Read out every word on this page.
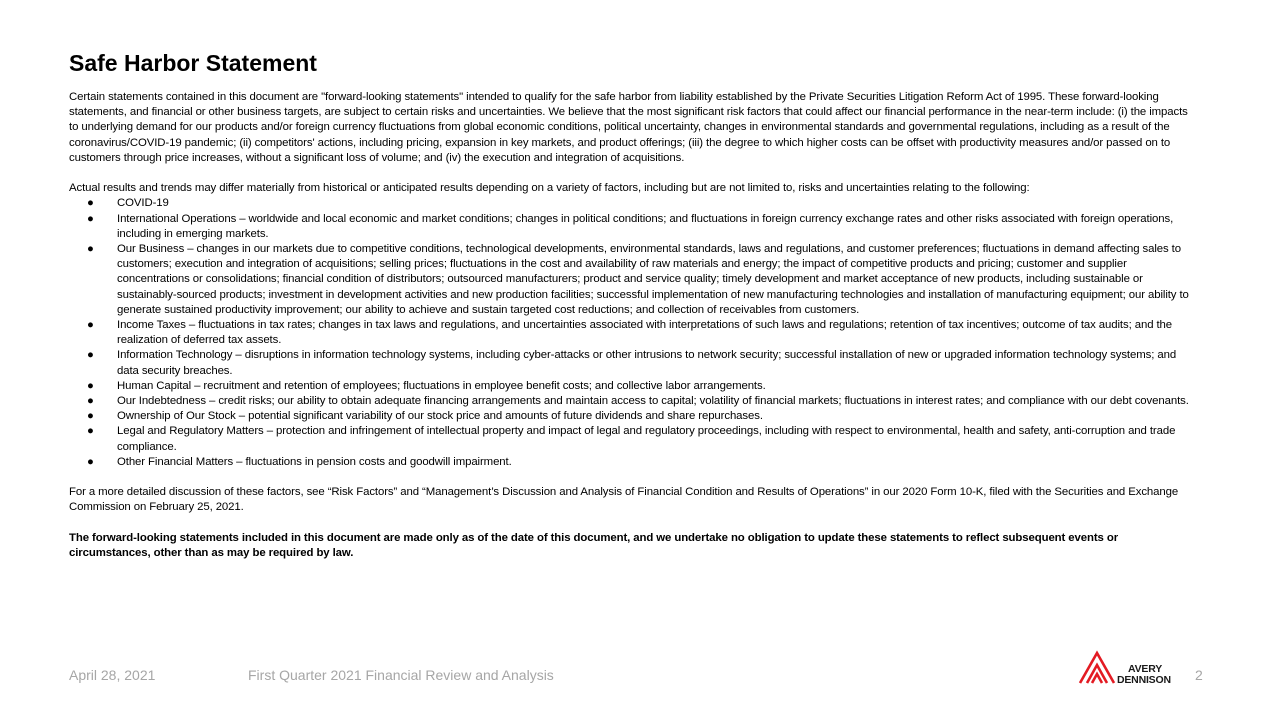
Safe Harbor Statement

Certain statements contained in this document are "forward-looking statements" intended to qualify for the safe harbor from liability established by the Private Securities Litigation Reform Act of 1995. These forward-looking statements, and financial or other business targets, are subject to certain risks and uncertainties. We believe that the most significant risk factors that could affect our financial performance in the near-term include: (i) the impacts to underlying demand for our products and/or foreign currency fluctuations from global economic conditions, political uncertainty, changes in environmental standards and governmental regulations, including as a result of the coronavirus/COVID-19 pandemic; (ii) competitors' actions, including pricing, expansion in key markets, and product offerings; (iii) the degree to which higher costs can be offset with productivity measures and/or passed on to customers through price increases, without a significant loss of volume; and (iv) the execution and integration of acquisitions.

Actual results and trends may differ materially from historical or anticipated results depending on a variety of factors, including but are not limited to, risks and uncertainties relating to the following:

● COVID-19
● International Operations – worldwide and local economic and market conditions; changes in political conditions; and fluctuations in foreign currency exchange rates and other risks associated with foreign operations, including in emerging markets.
● Our Business – changes in our markets due to competitive conditions, technological developments, environmental standards, laws and regulations, and customer preferences; fluctuations in demand affecting sales to customers; execution and integration of acquisitions; selling prices; fluctuations in the cost and availability of raw materials and energy; the impact of competitive products and pricing; customer and supplier concentrations or consolidations; financial condition of distributors; outsourced manufacturers; product and service quality; timely development and market acceptance of new products, including sustainable or sustainably-sourced products; investment in development activities and new production facilities; successful implementation of new manufacturing technologies and installation of manufacturing equipment; our ability to generate sustained productivity improvement; our ability to achieve and sustain targeted cost reductions; and collection of receivables from customers.
● Income Taxes – fluctuations in tax rates; changes in tax laws and regulations, and uncertainties associated with interpretations of such laws and regulations; retention of tax incentives; outcome of tax audits; and the realization of deferred tax assets.
● Information Technology – disruptions in information technology systems, including cyber-attacks or other intrusions to network security; successful installation of new or upgraded information technology systems; and data security breaches.
● Human Capital – recruitment and retention of employees; fluctuations in employee benefit costs; and collective labor arrangements.
● Our Indebtedness – credit risks; our ability to obtain adequate financing arrangements and maintain access to capital; volatility of financial markets; fluctuations in interest rates; and compliance with our debt covenants.
● Ownership of Our Stock – potential significant variability of our stock price and amounts of future dividends and share repurchases.
● Legal and Regulatory Matters – protection and infringement of intellectual property and impact of legal and regulatory proceedings, including with respect to environmental, health and safety, anti-corruption and trade compliance.
● Other Financial Matters – fluctuations in pension costs and goodwill impairment.

For a more detailed discussion of these factors, see “Risk Factors” and “Management’s Discussion and Analysis of Financial Condition and Results of Operations” in our 2020 Form 10-K, filed with the Securities and Exchange Commission on February 25, 2021.

The forward-looking statements included in this document are made only as of the date of this document, and we undertake no obligation to update these statements to reflect subsequent events or circumstances, other than as may be required by law.

April 28, 2021	First Quarter 2021 Financial Review and Analysis	AVERY
DENNISON 2
